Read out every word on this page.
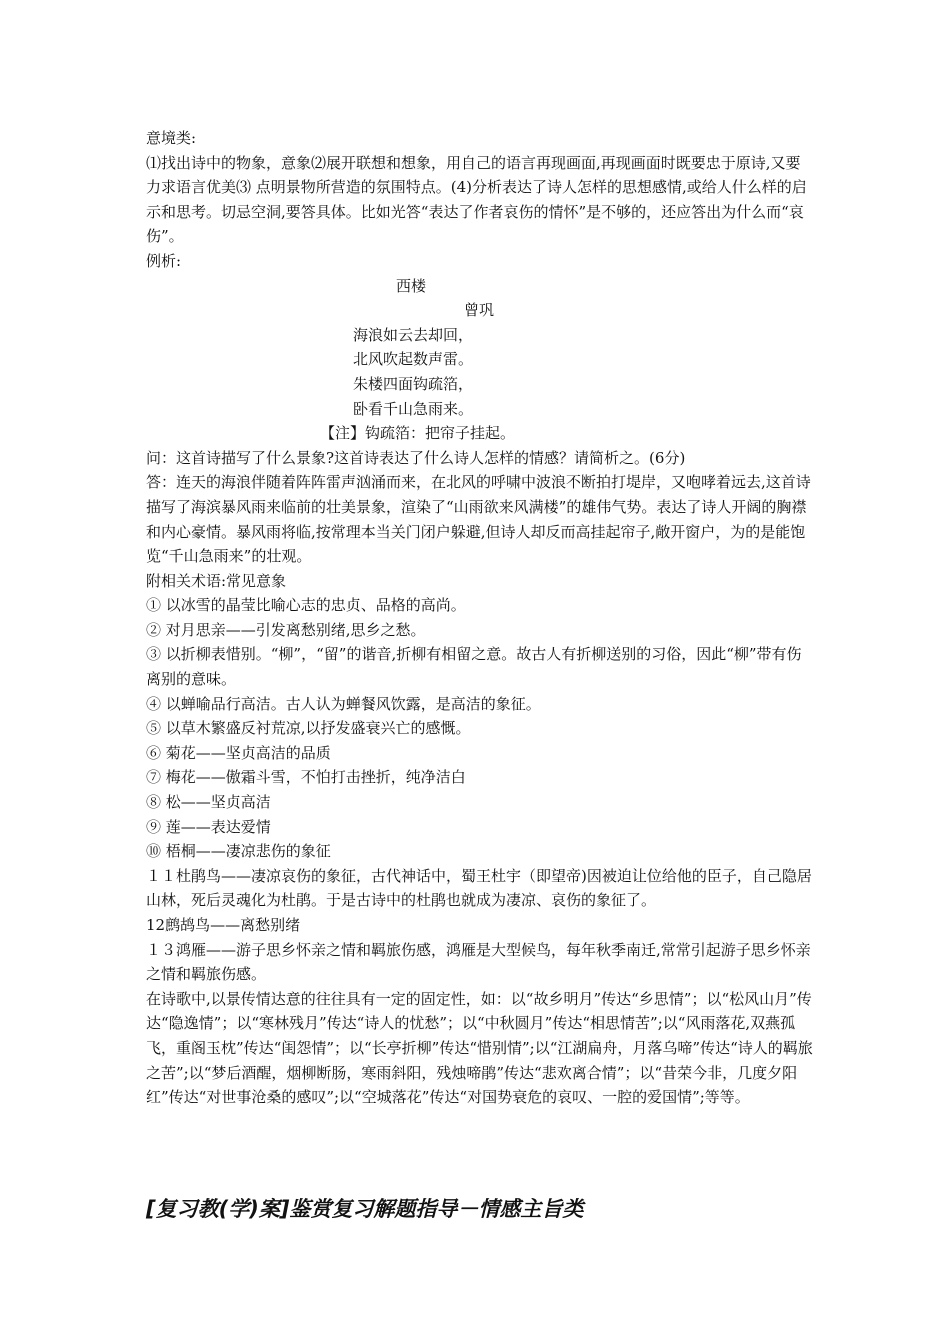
意境类:
⑴找出诗中的物象，意象⑵展开联想和想象，用自己的语言再现画面,再现画面时既要忠于原诗,又要力求语言优美⑶ 点明景物所营造的氛围特点。(4)分析表达了诗人怎样的思想感情,或给人什么样的启示和思考。切忌空洞,要答具体。比如光答“表达了作者哀伤的情怀”是不够的，还应答出为什么而“哀伤”。
例析:
西楼
曾巩
海浪如云去却回，
北风吹起数声雷。
朱楼四面钩疏箔，
卧看千山急雨来。
【注】钩疏箔：把帘子挂起。
问：这首诗描写了什么景象?这首诗表达了什么诗人怎样的情感？请简析之。(6分)
答：连天的海浪伴随着阵阵雷声汹涌而来，在北风的呼啸中波浪不断拍打堤岸，又咆哮着远去,这首诗描写了海滨暴风雨来临前的壮美景象，渲染了“山雨欲来风满楼”的雄伟气势。表达了诗人开阔的胸襟和内心豪情。暴风雨将临,按常理本当关门闭户躲避,但诗人却反而高挂起帘子,敞开窗户，为的是能饱览“千山急雨来”的壮观。
附相关术语:常见意象
① 以冰雪的晶莹比喻心志的忠贞、品格的高尚。
② 对月思亲——引发离愁别绪,思乡之愁。
③ 以折柳表惜别。“柳”，“留”的谐音,折柳有相留之意。故古人有折柳送别的习俗，因此“柳”带有伤离别的意味。
④ 以蝉喻品行高洁。古人认为蝉餐风饮露，是高洁的象征。
⑤ 以草木繁盛反衬荒凉,以抒发盛衰兴亡的感慨。
⑥ 菊花——坚贞高洁的品质
⑦ 梅花——傲霜斗雪，不怕打击挫折，纯净洁白
⑧ 松——坚贞高洁
⑨ 莲——表达爱情
⑩ 梧桐——凄凉悲伤的象征
１１杜鹃鸟——凄凉哀伤的象征，古代神话中，蜀王杜宇（即望帝)因被迫让位给他的臣子，自己隐居山林，死后灵魂化为杜鹃。于是古诗中的杜鹃也就成为凄凉、哀伤的象征了。
12鹧鸪鸟——离愁别绪
１３鸿雁——游子思乡怀亲之情和羁旅伤感，鸿雁是大型候鸟，每年秋季南迁,常常引起游子思乡怀亲之情和羁旅伤感。
在诗歌中,以景传情达意的往往具有一定的固定性，如：以“故乡明月”传达“乡思情”；以“松风山月”传达“隐逸情”；以“寒林残月”传达“诗人的忧愁”；以“中秋圆月”传达“相思情苦”;以“风雨落花,双燕孤飞，重阁玉枕”传达“闺怨情”；以“长亭折柳”传达“惜别情”;以“江湖扁舟，月落乌啼”传达“诗人的羁旅之苦”;以“梦后酒醒，烟柳断肠，寒雨斜阳，残烛啼鹃”传达“悲欢离合情”；以“昔荣今非，几度夕阳红”传达“对世事沧桑的感叹”;以“空城落花”传达“对国势衰危的哀叹、一腔的爱国情”;等等。
[复习教(学)案]鉴赏复习解题指导－情感主旨类
